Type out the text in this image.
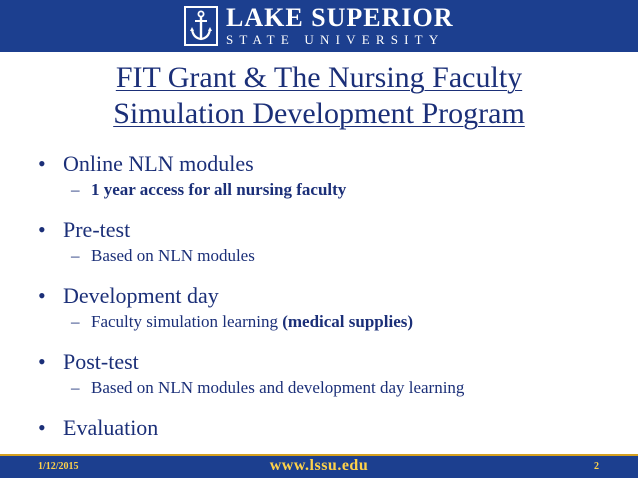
LAKE SUPERIOR
STATE UNIVERSITY
FIT Grant & The Nursing Faculty
Simulation Development Program
• Online NLN modules
– 1 year access for all nursing faculty
• Pre-test
– Based on NLN modules
• Development day
– Faculty simulation learning (medical supplies)
• Post-test
– Based on NLN modules and development day learning
• Evaluation
1/12/2015	www.lssu.edu	2
